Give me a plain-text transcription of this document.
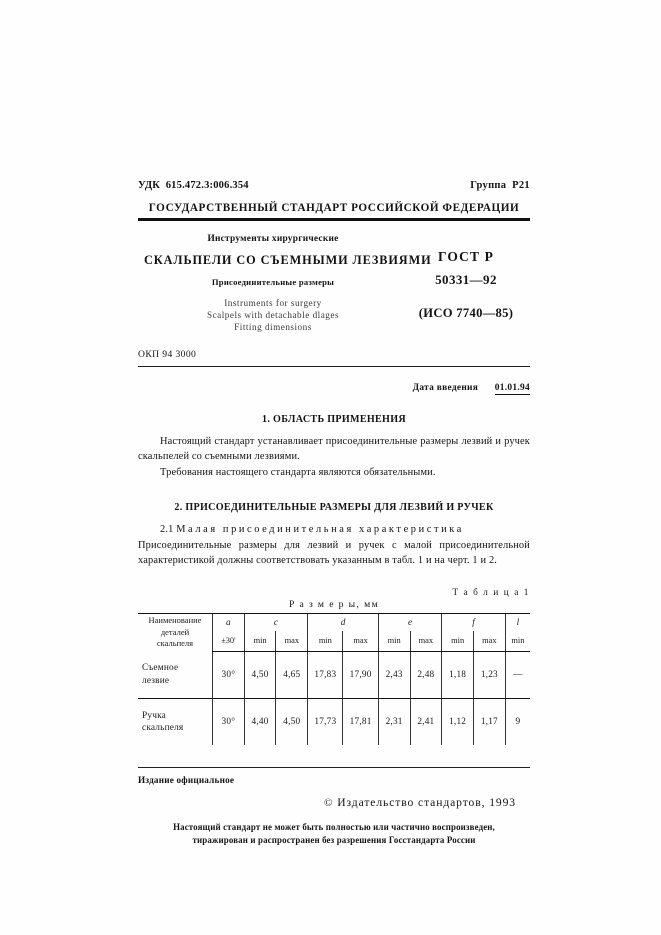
УДК  615.472.3:006.354	Группа  Р21
ГОСУДАРСТВЕННЫЙ СТАНДАРТ РОССИЙСКОЙ ФЕДЕРАЦИИ
Инструменты хирургические
СКАЛЬПЕЛИ СО СЪЕМНЫМИ ЛЕЗВИЯМИ
Присоединительные размеры
Instruments for surgery
Scalpels with detachable dlages
Fitting dimensions
ГОСТ Р
50331—92
(ИСО 7740—85)
ОКП 94 3000
Дата введения 01.01.94
1. ОБЛАСТЬ ПРИМЕНЕНИЯ
Настоящий стандарт устанавливает присоединительные размеры лезвий и ручек скальпелей со съемными лезвиями.
Требования настоящего стандарта являются обязательными.
2. ПРИСОЕДИНИТЕЛЬНЫЕ РАЗМЕРЫ ДЛЯ ЛЕЗВИЙ И РУЧЕК
2.1 Малая присоединительная характеристика
Присоединительные размеры для лезвий и ручек с малой присоединительной характеристикой должны соответствовать указанным в табл. 1 и на черт. 1 и 2.
Т а б л и ц а 1
Р а з м е р ы, мм
Наименование
деталей
скальпеля	a	c		d		e		f		l
	±30'	min	max	min	max	min	max	min	max	min

Съемное
лезвие	30°	4,50	4,65	17,83	17,90	2,43	2,48	1,18	1,23	—

Ручка
скальпеля	30°	4,40	4,50	17,73	17,81	2,31	2,41	1,12	1,17	9
Издание официальное
© Издательство стандартов, 1993
Настоящий стандарт не может быть полностью или частично воспроизведен,
тиражирован и распространен без разрешения Госстандарта России
